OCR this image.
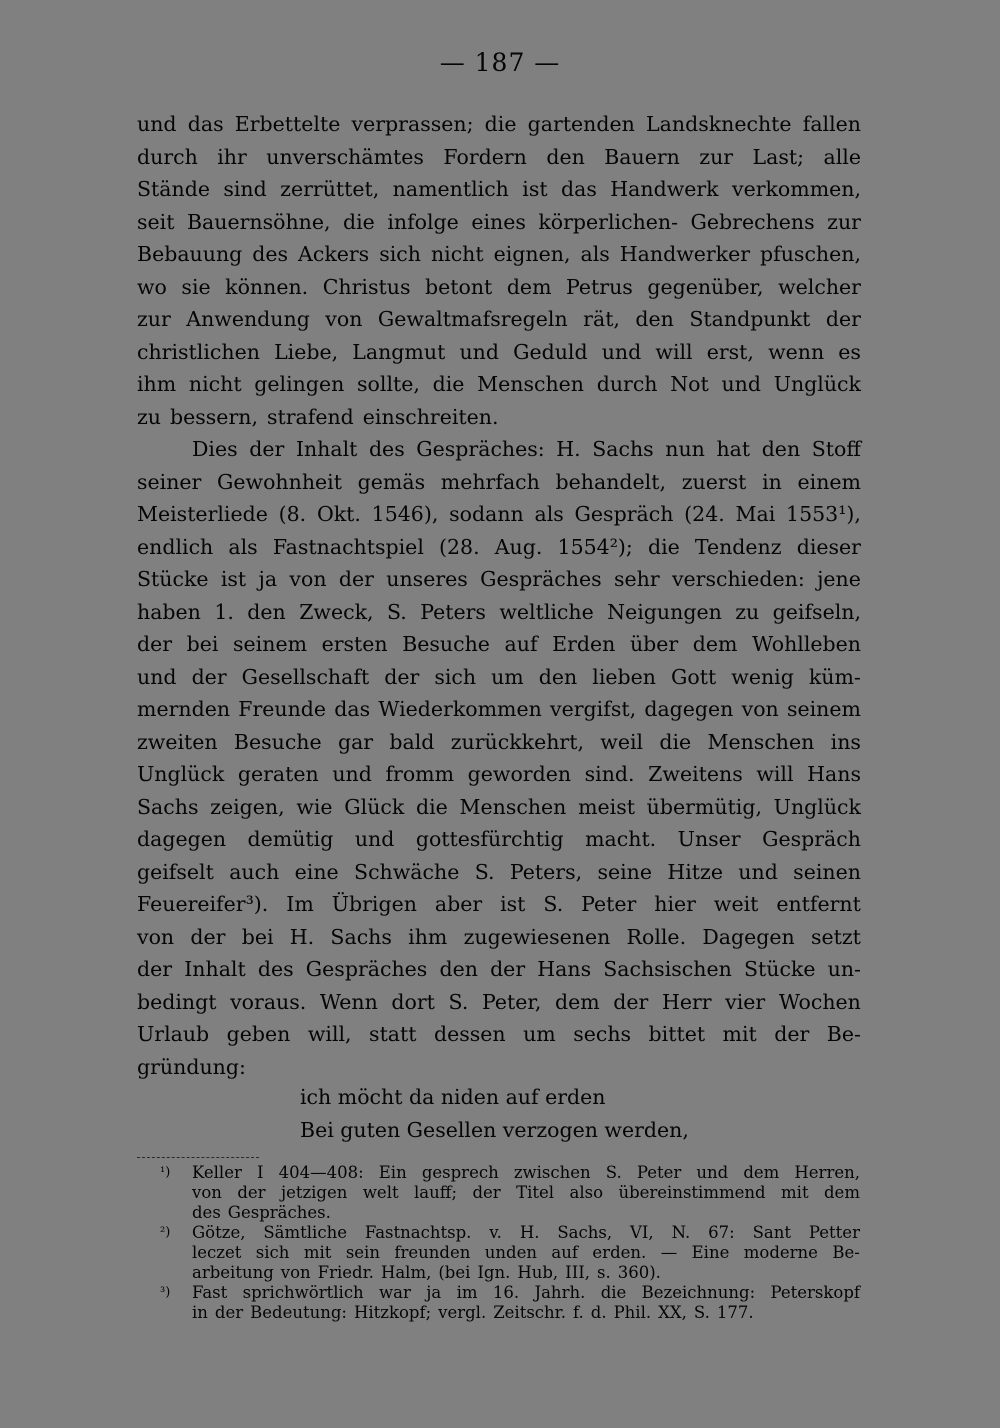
— 187 —
und das Erbettelte verprassen; die gartenden Landsknechte fallen
durch ihr unverschämtes Fordern den Bauern zur Last; alle
Stände sind zerrüttet, namentlich ist das Handwerk verkommen,
seit Bauernsöhne, die infolge eines körperlichen- Gebrechens zur
Bebauung des Ackers sich nicht eignen, als Handwerker pfuschen,
wo sie können. Christus betont dem Petrus gegenüber, welcher
zur Anwendung von Gewaltmafsregeln rät, den Standpunkt der
christlichen Liebe, Langmut und Geduld und will erst, wenn es
ihm nicht gelingen sollte, die Menschen durch Not und Unglück
zu bessern, strafend einschreiten.
Dies der Inhalt des Gespräches: H. Sachs nun hat den Stoff
seiner Gewohnheit gemäs mehrfach behandelt, zuerst in einem
Meisterliede (8. Okt. 1546), sodann als Gespräch (24. Mai 1553¹),
endlich als Fastnachtspiel (28. Aug. 1554²); die Tendenz dieser
Stücke ist ja von der unseres Gespräches sehr verschieden: jene
haben 1. den Zweck, S. Peters weltliche Neigungen zu geifseln,
der bei seinem ersten Besuche auf Erden über dem Wohlleben
und der Gesellschaft der sich um den lieben Gott wenig küm-
mernden Freunde das Wiederkommen vergifst, dagegen von seinem
zweiten Besuche gar bald zurückkehrt, weil die Menschen ins
Unglück geraten und fromm geworden sind. Zweitens will Hans
Sachs zeigen, wie Glück die Menschen meist übermütig, Unglück
dagegen demütig und gottesfürchtig macht. Unser Gespräch
geifselt auch eine Schwäche S. Peters, seine Hitze und seinen
Feuereifer³). Im Übrigen aber ist S. Peter hier weit entfernt
von der bei H. Sachs ihm zugewiesenen Rolle. Dagegen setzt
der Inhalt des Gespräches den der Hans Sachsischen Stücke un-
bedingt voraus. Wenn dort S. Peter, dem der Herr vier Wochen
Urlaub geben will, statt dessen um sechs bittet mit der Be-
gründung:
ich möcht da niden auf erden
Bei guten Gesellen verzogen werden,
¹) Keller I 404—408: Ein gesprech zwischen S. Peter und dem Herren,
von der jetzigen welt lauff; der Titel also übereinstimmend mit dem
des Gespräches.
²) Götze, Sämtliche Fastnachtsp. v. H. Sachs, VI, N. 67: Sant Petter
leczet sich mit sein freunden unden auf erden. — Eine moderne Be-
arbeitung von Friedr. Halm, (bei Ign. Hub, III, s. 360).
³) Fast sprichwörtlich war ja im 16. Jahrh. die Bezeichnung: Peterskopf
in der Bedeutung: Hitzkopf; vergl. Zeitschr. f. d. Phil. XX, S. 177.
